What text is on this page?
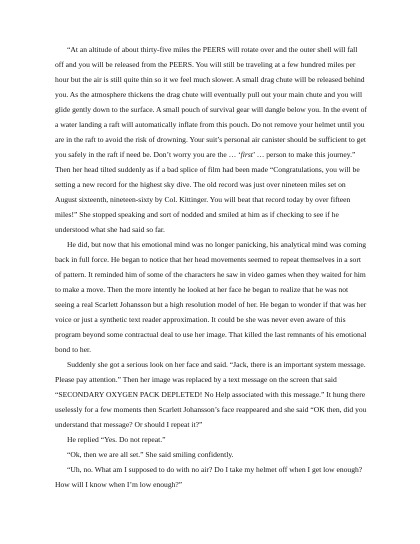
“At an altitude of about thirty-five miles the PEERS will rotate over and the outer shell will fall off and you will be released from the PEERS. You will still be traveling at a few hundred miles per hour but the air is still quite thin so it we feel much slower. A small drag chute will be released behind you. As the atmosphere thickens the drag chute will eventually pull out your main chute and you will glide gently down to the surface. A small pouch of survival gear will dangle below you. In the event of a water landing a raft will automatically inflate from this pouch. Do not remove your helmet until you are in the raft to avoid the risk of drowning. Your suit’s personal air canister should be sufficient to get you safely in the raft if need be. Don’t worry you are the … ‘first’ … person to make this journey.” Then her head tilted suddenly as if a bad splice of film had been made “Congratulations, you will be setting a new record for the highest sky dive. The old record was just over nineteen miles set on August sixteenth, nineteen-sixty by Col. Kittinger. You will beat that record today by over fifteen miles!” She stopped speaking and sort of nodded and smiled at him as if checking to see if he understood what she had said so far.

He did, but now that his emotional mind was no longer panicking, his analytical mind was coming back in full force. He began to notice that her head movements seemed to repeat themselves in a sort of pattern. It reminded him of some of the characters he saw in video games when they waited for him to make a move. Then the more intently he looked at her face he began to realize that he was not seeing a real Scarlett Johansson but a high resolution model of her. He began to wonder if that was her voice or just a synthetic text reader approximation. It could be she was never even aware of this program beyond some contractual deal to use her image. That killed the last remnants of his emotional bond to her.

Suddenly she got a serious look on her face and said. “Jack, there is an important system message. Please pay attention.” Then her image was replaced by a text message on the screen that said “SECONDARY OXYGEN PACK DEPLETED! No Help associated with this message.” It hung there uselessly for a few moments then Scarlett Johansson’s face reappeared and she said “OK then, did you understand that message? Or should I repeat it?”

He replied “Yes. Do not repeat.”

“Ok, then we are all set.” She said smiling confidently.

“Uh, no. What am I supposed to do with no air? Do I take my helmet off when I get low enough? How will I know when I’m low enough?”
